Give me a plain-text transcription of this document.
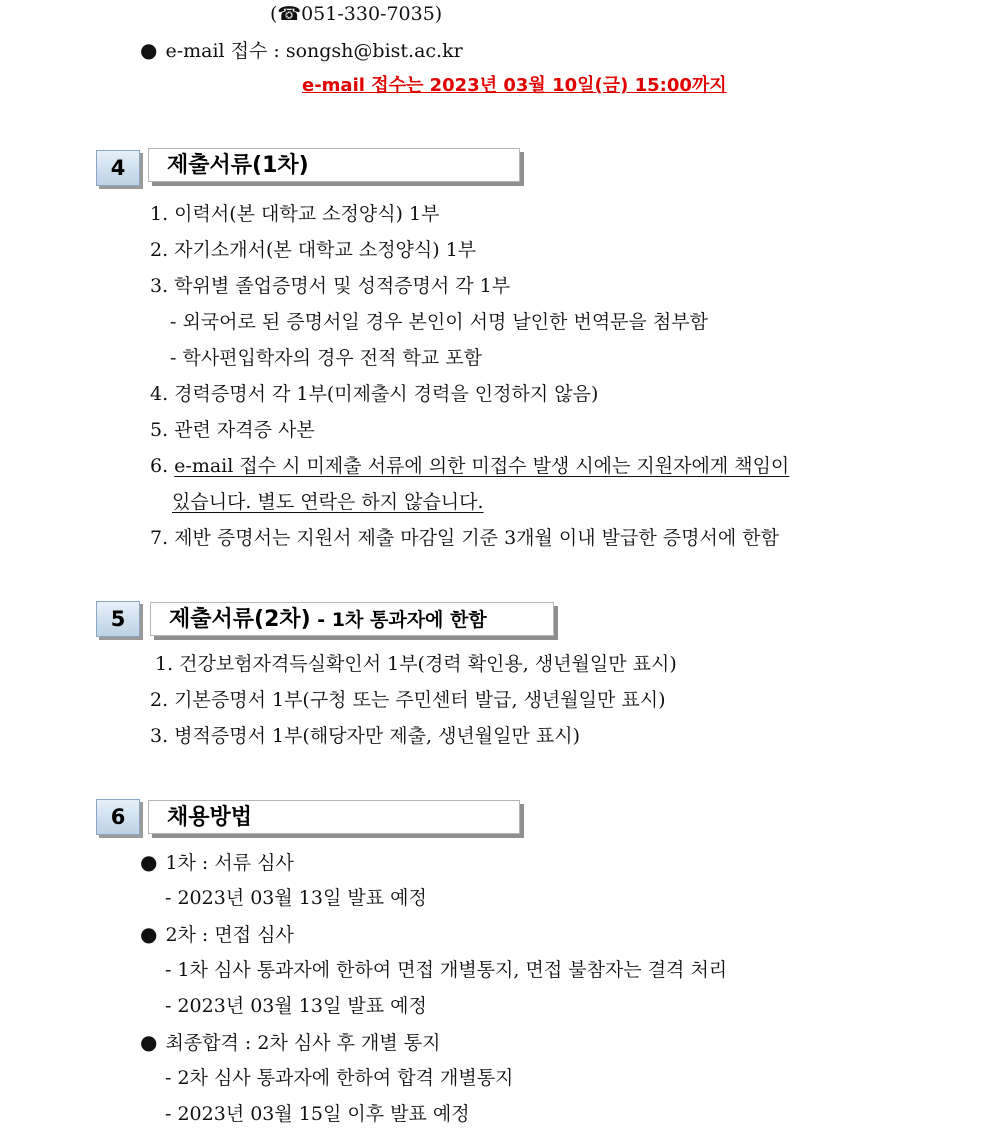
(☎051-330-7035)
● e-mail 접수 : songsh@bist.ac.kr
e-mail 접수는 2023년 03월 10일(금) 15:00까지
4	제출서류(1차)
1. 이력서(본 대학교 소정양식) 1부
2. 자기소개서(본 대학교 소정양식) 1부
3. 학위별 졸업증명서 및 성적증명서 각 1부
- 외국어로 된 증명서일 경우 본인이 서명 날인한 번역문을 첨부함
- 학사편입학자의 경우 전적 학교 포함
4. 경력증명서 각 1부(미제출시 경력을 인정하지 않음)
5. 관련 자격증 사본
6. e-mail 접수 시 미제출 서류에 의한 미접수 발생 시에는 지원자에게 책임이
있습니다. 별도 연락은 하지 않습니다.
7. 제반 증명서는 지원서 제출 마감일 기준 3개월 이내 발급한 증명서에 한함
5	제출서류(2차) - 1차 통과자에 한함
1. 건강보험자격득실확인서 1부(경력 확인용, 생년월일만 표시)
2. 기본증명서 1부(구청 또는 주민센터 발급, 생년월일만 표시)
3. 병적증명서 1부(해당자만 제출, 생년월일만 표시)
6	채용방법
● 1차 : 서류 심사
- 2023년 03월 13일 발표 예정
● 2차 : 면접 심사
- 1차 심사 통과자에 한하여 면접 개별통지, 면접 불참자는 결격 처리
- 2023년 03월 13일 발표 예정
● 최종합격 : 2차 심사 후 개별 통지
- 2차 심사 통과자에 한하여 합격 개별통지
- 2023년 03월 15일 이후 발표 예정
